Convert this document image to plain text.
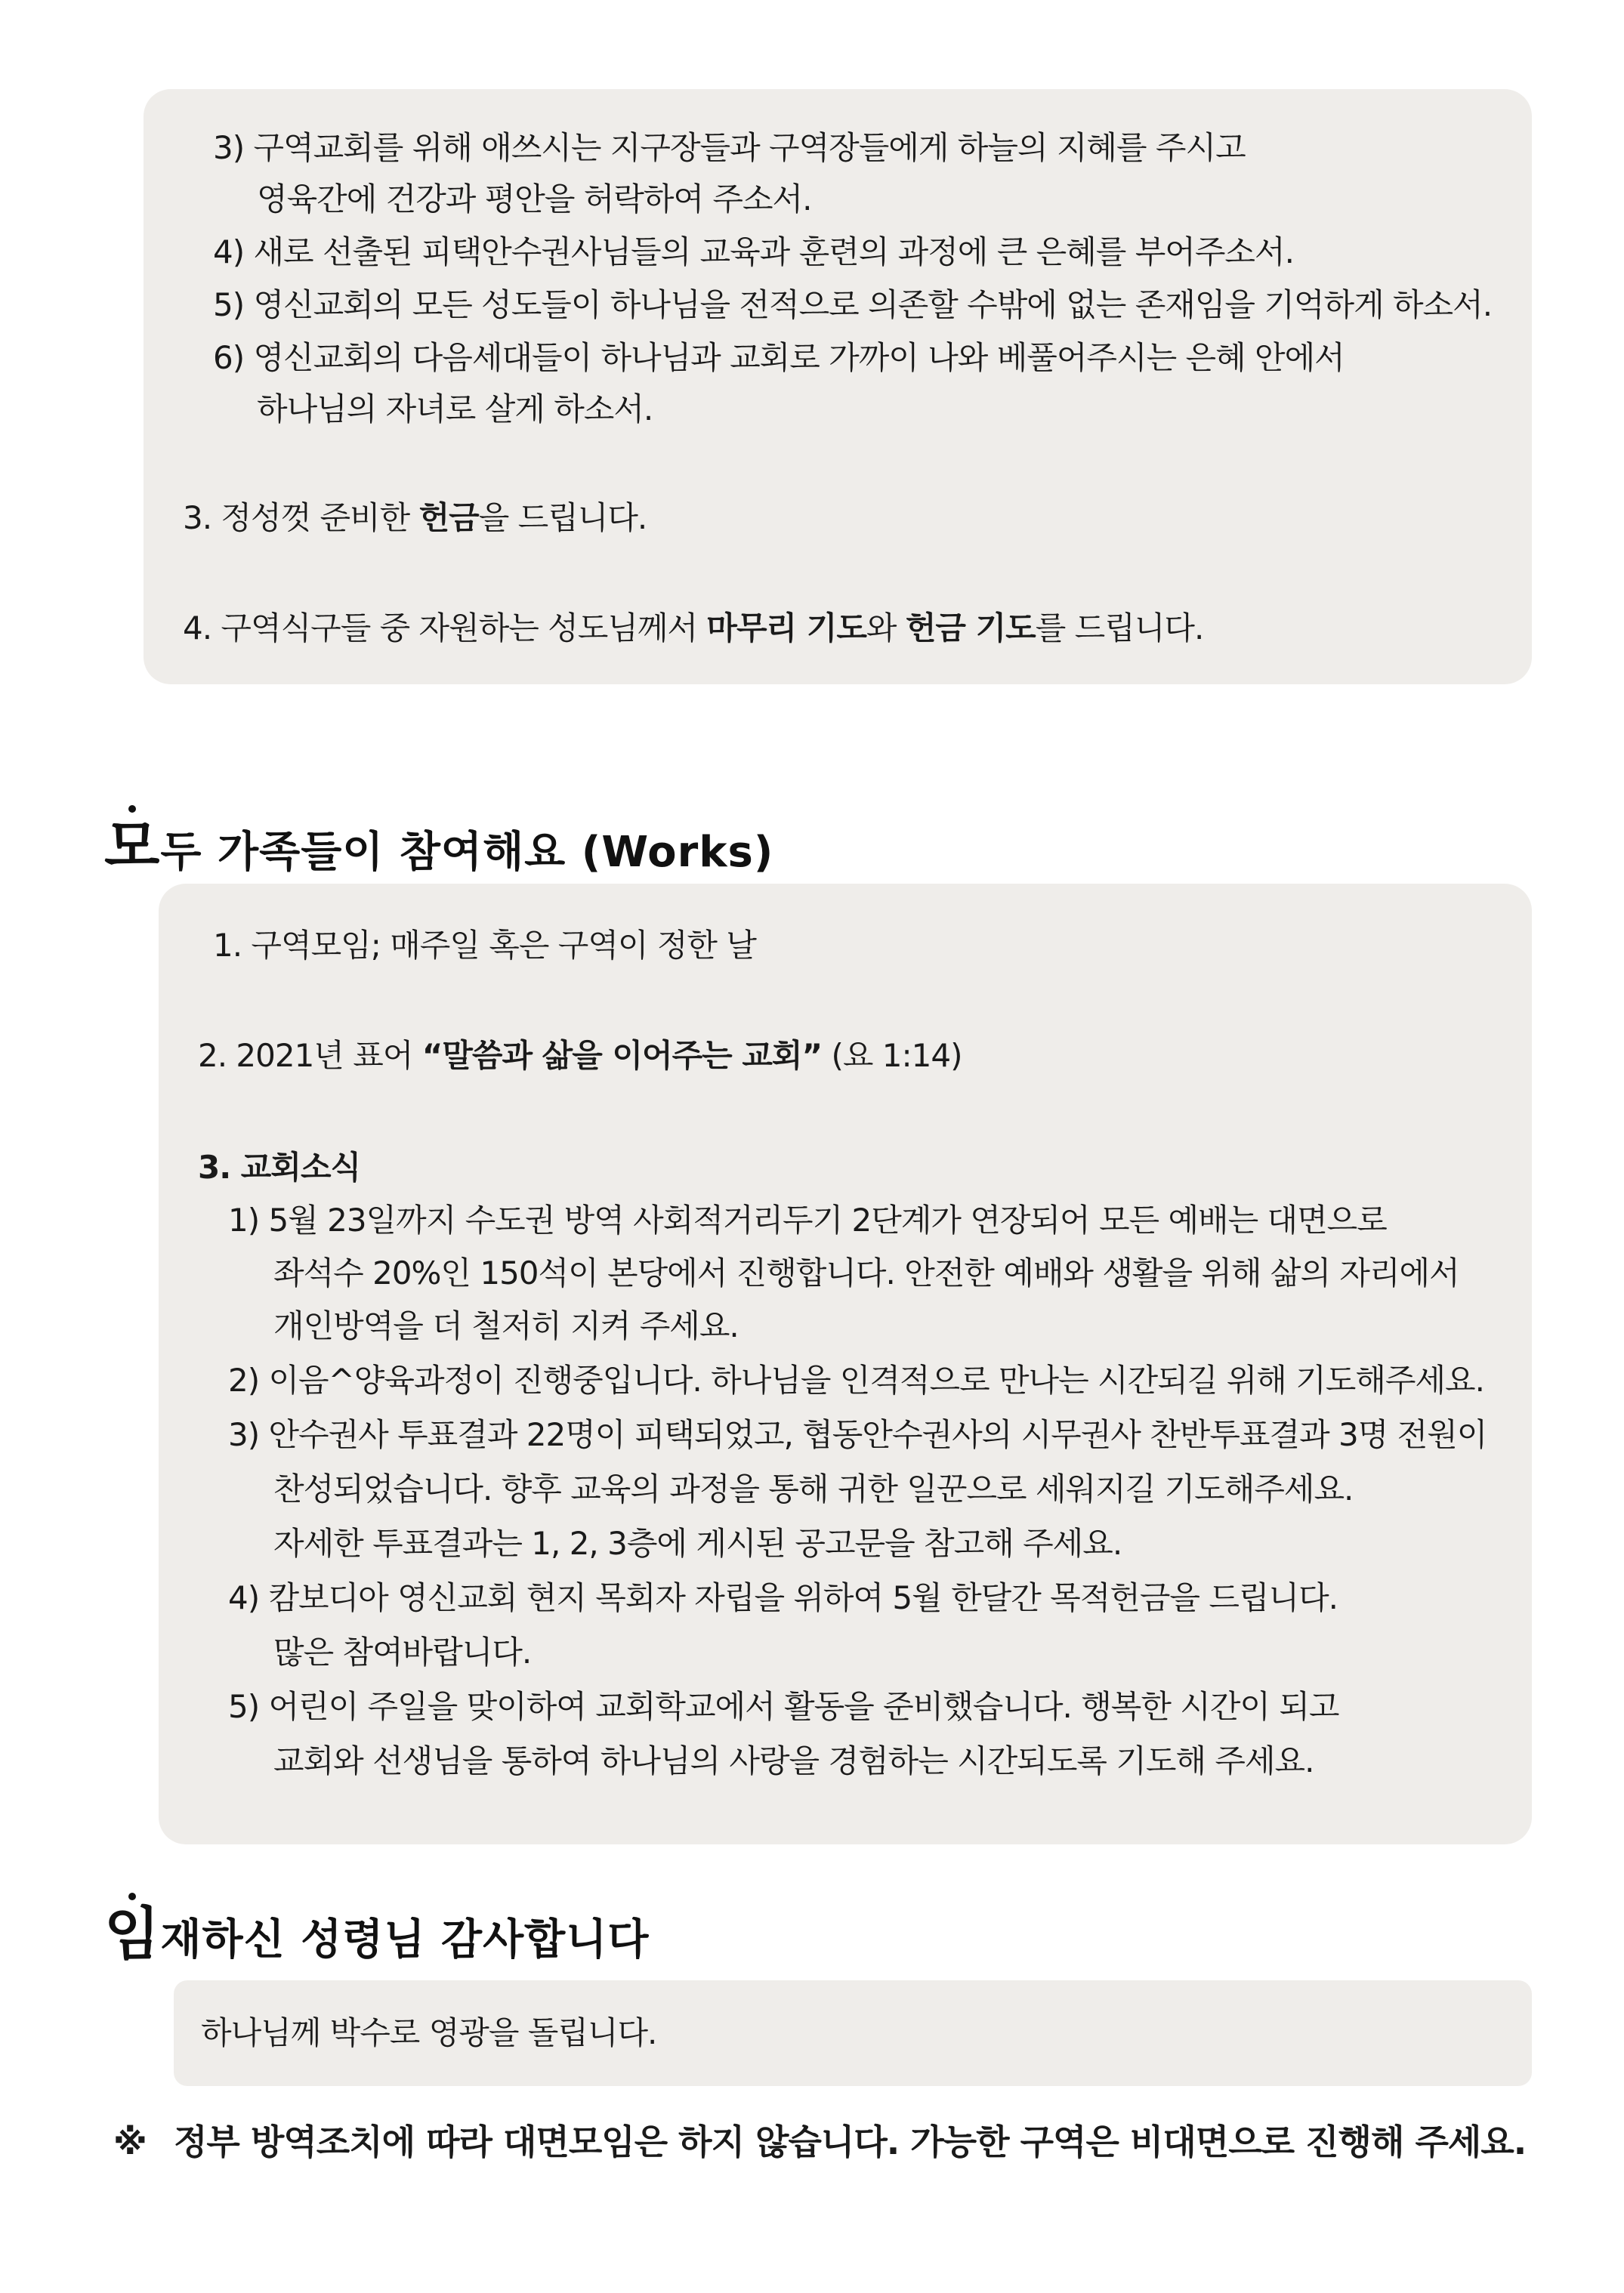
3) 구역교회를 위해 애쓰시는 지구장들과 구역장들에게 하늘의 지혜를 주시고
영육간에 건강과 평안을 허락하여 주소서.
4) 새로 선출된 피택안수권사님들의 교육과 훈련의 과정에 큰 은혜를 부어주소서.
5) 영신교회의 모든 성도들이 하나님을 전적으로 의존할 수밖에 없는 존재임을 기억하게 하소서.
6) 영신교회의 다음세대들이 하나님과 교회로 가까이 나와 베풀어주시는 은혜 안에서
하나님의 자녀로 살게 하소서.
3. 정성껏 준비한 헌금을 드립니다.
4. 구역식구들 중 자원하는 성도님께서 마무리 기도와 헌금 기도를 드립니다.
모두 가족들이 참여해요 (Works)
1. 구역모임; 매주일 혹은 구역이 정한 날
2. 2021년 표어 “말씀과 삶을 이어주는 교회” (요 1:14)
3. 교회소식
1) 5월 23일까지 수도권 방역 사회적거리두기 2단계가 연장되어 모든 예배는 대면으로
좌석수 20%인 150석이 본당에서 진행합니다. 안전한 예배와 생활을 위해 삶의 자리에서
개인방역을 더 철저히 지켜 주세요.
2) 이음^양육과정이 진행중입니다. 하나님을 인격적으로 만나는 시간되길 위해 기도해주세요.
3) 안수권사 투표결과 22명이 피택되었고, 협동안수권사의 시무권사 찬반투표결과 3명 전원이
찬성되었습니다. 향후 교육의 과정을 통해 귀한 일꾼으로 세워지길 기도해주세요.
자세한 투표결과는 1, 2, 3층에 게시된 공고문을 참고해 주세요.
4) 캄보디아 영신교회 현지 목회자 자립을 위하여 5월 한달간 목적헌금을 드립니다.
많은 참여바랍니다.
5) 어린이 주일을 맞이하여 교회학교에서 활동을 준비했습니다. 행복한 시간이 되고
교회와 선생님을 통하여 하나님의 사랑을 경험하는 시간되도록 기도해 주세요.
임재하신 성령님 감사합니다
하나님께 박수로 영광을 돌립니다.
※ 정부 방역조치에 따라 대면모임은 하지 않습니다. 가능한 구역은 비대면으로 진행해 주세요.
